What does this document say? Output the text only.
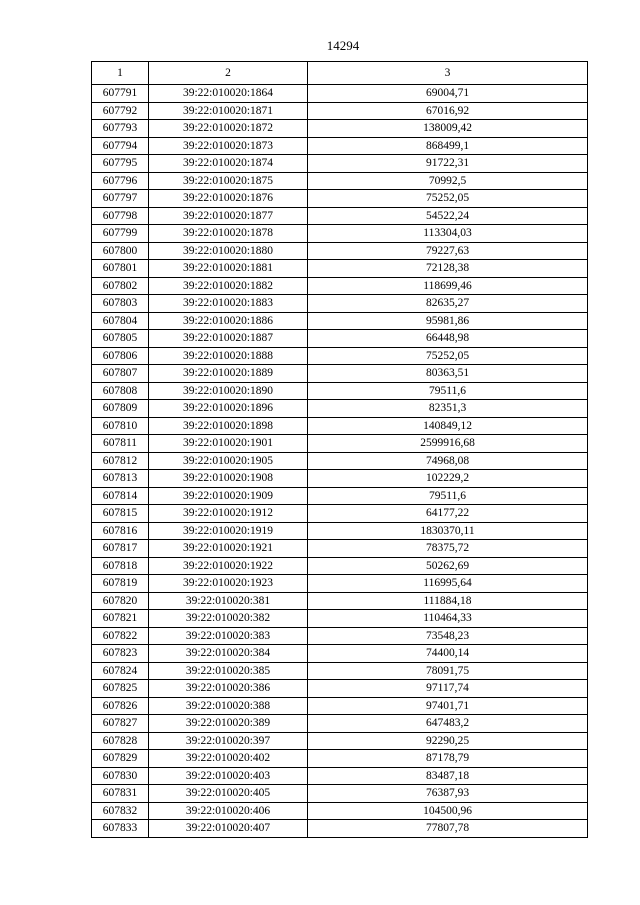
14294
1	2	3
607791	39:22:010020:1864	69004,71
607792	39:22:010020:1871	67016,92
607793	39:22:010020:1872	138009,42
607794	39:22:010020:1873	868499,1
607795	39:22:010020:1874	91722,31
607796	39:22:010020:1875	70992,5
607797	39:22:010020:1876	75252,05
607798	39:22:010020:1877	54522,24
607799	39:22:010020:1878	113304,03
607800	39:22:010020:1880	79227,63
607801	39:22:010020:1881	72128,38
607802	39:22:010020:1882	118699,46
607803	39:22:010020:1883	82635,27
607804	39:22:010020:1886	95981,86
607805	39:22:010020:1887	66448,98
607806	39:22:010020:1888	75252,05
607807	39:22:010020:1889	80363,51
607808	39:22:010020:1890	79511,6
607809	39:22:010020:1896	82351,3
607810	39:22:010020:1898	140849,12
607811	39:22:010020:1901	2599916,68
607812	39:22:010020:1905	74968,08
607813	39:22:010020:1908	102229,2
607814	39:22:010020:1909	79511,6
607815	39:22:010020:1912	64177,22
607816	39:22:010020:1919	1830370,11
607817	39:22:010020:1921	78375,72
607818	39:22:010020:1922	50262,69
607819	39:22:010020:1923	116995,64
607820	39:22:010020:381	111884,18
607821	39:22:010020:382	110464,33
607822	39:22:010020:383	73548,23
607823	39:22:010020:384	74400,14
607824	39:22:010020:385	78091,75
607825	39:22:010020:386	97117,74
607826	39:22:010020:388	97401,71
607827	39:22:010020:389	647483,2
607828	39:22:010020:397	92290,25
607829	39:22:010020:402	87178,79
607830	39:22:010020:403	83487,18
607831	39:22:010020:405	76387,93
607832	39:22:010020:406	104500,96
607833	39:22:010020:407	77807,78
